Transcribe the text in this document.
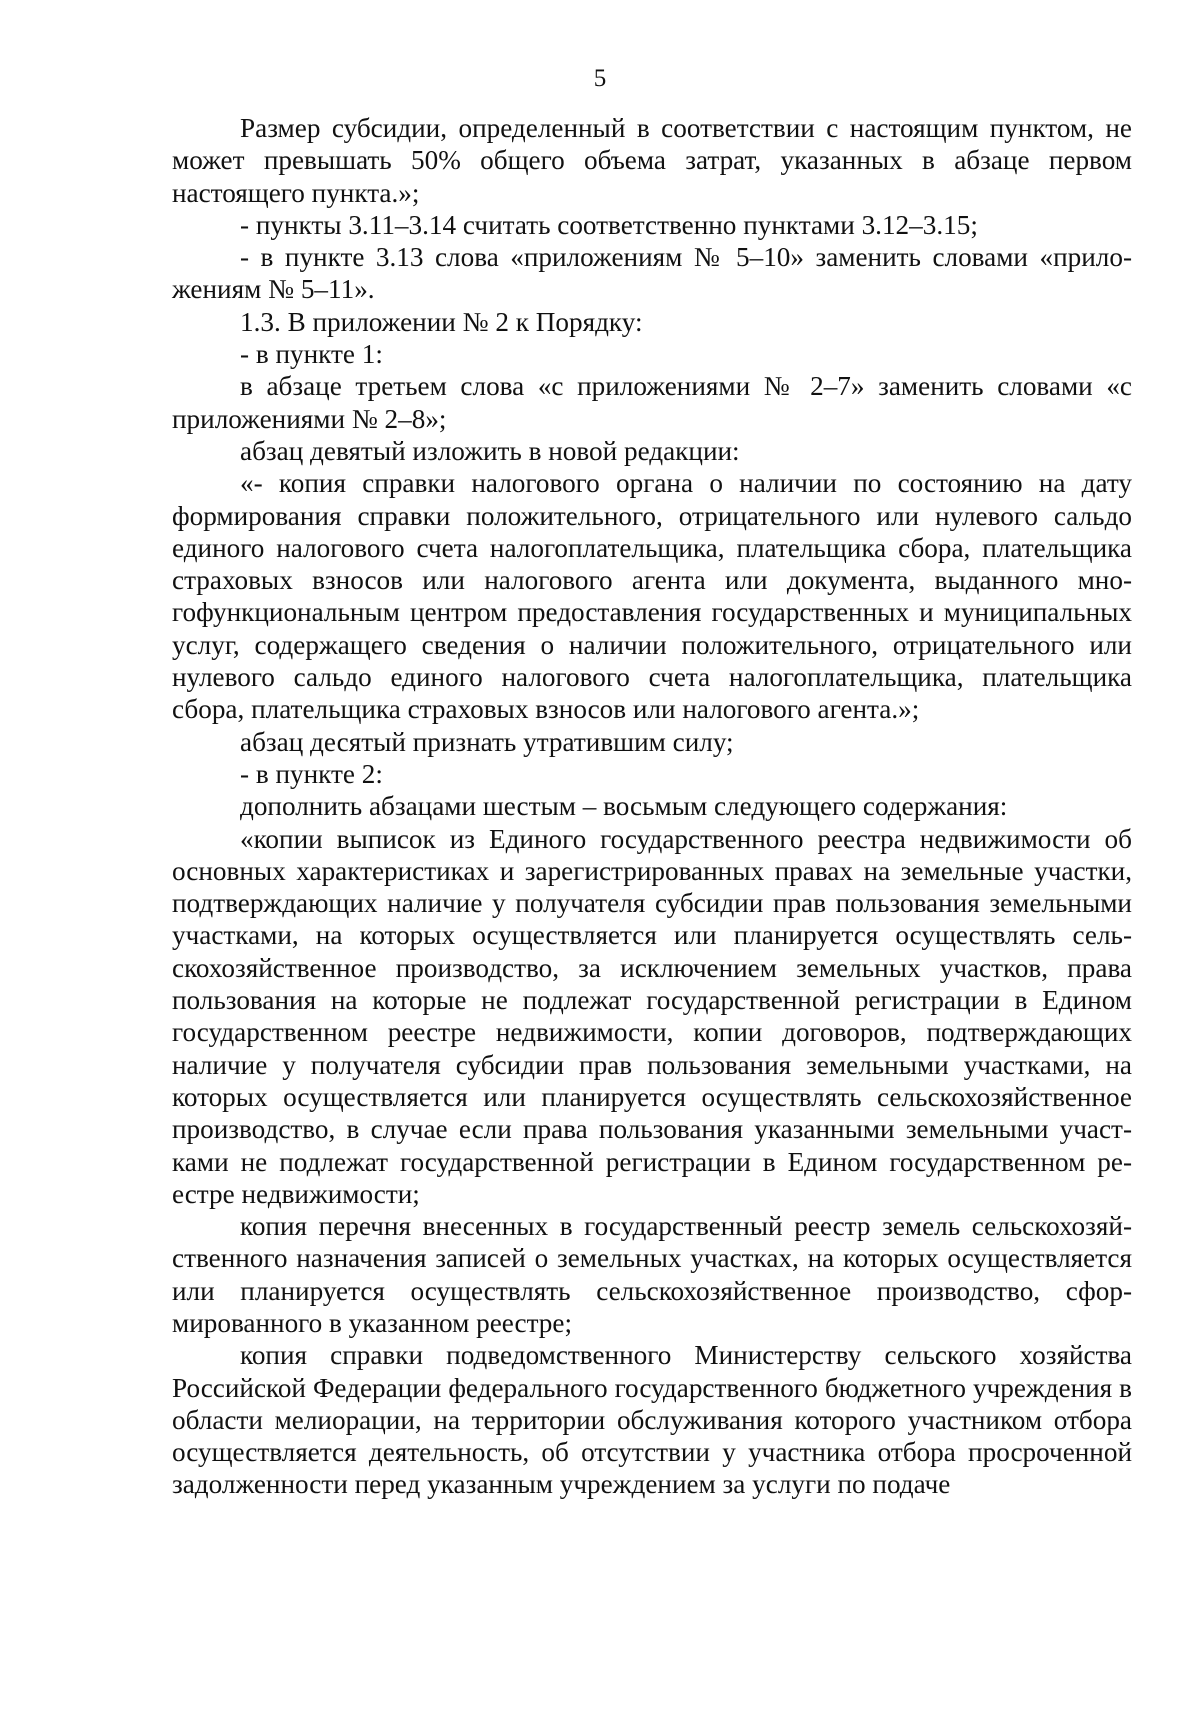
5

Размер субсидии, определенный в соответствии с настоящим пунктом, не может превышать 50% общего объема затрат, указанных в абзаце первом настоящего пункта.»;

- пункты 3.11–3.14 считать соответственно пунктами 3.12–3.15;

- в пункте 3.13 слова «приложениям № 5–10» заменить словами «приложениям № 5–11».

1.3. В приложении № 2 к Порядку:

- в пункте 1:

в абзаце третьем слова «с приложениями № 2–7» заменить словами «с приложениями № 2–8»;

абзац девятый изложить в новой редакции:

«- копия справки налогового органа о наличии по состоянию на дату формирования справки положительного, отрицательного или нулевого сальдо единого налогового счета налогоплательщика, плательщика сбора, плательщика страховых взносов или налогового агента или документа, выданного многофункциональным центром предоставления государственных и муниципальных услуг, содержащего сведения о наличии положительного, отрицательного или нулевого сальдо единого налогового счета налогоплательщика, плательщика сбора, плательщика страховых взносов или налогового агента.»;

абзац десятый признать утратившим силу;

- в пункте 2:

дополнить абзацами шестым – восьмым следующего содержания:

«копии выписок из Единого государственного реестра недвижимости об основных характеристиках и зарегистрированных правах на земельные участки, подтверждающих наличие у получателя субсидии прав пользования земельными участками, на которых осуществляется или планируется осуществлять сельскохозяйственное производство, за исключением земельных участков, права пользования на которые не подлежат государственной регистрации в Едином государственном реестре недвижимости, копии договоров, подтверждающих наличие у получателя субсидии прав пользования земельными участками, на которых осуществляется или планируется осуществлять сельскохозяйственное производство, в случае если права пользования указанными земельными участками не подлежат государственной регистрации в Едином государственном реестре недвижимости;

копия перечня внесенных в государственный реестр земель сельскохозяйственного назначения записей о земельных участках, на которых осуществляется или планируется осуществлять сельскохозяйственное производство, сформированного в указанном реестре;

копия справки подведомственного Министерству сельского хозяйства Российской Федерации федерального государственного бюджетного учреждения в области мелиорации, на территории обслуживания которого участником отбора осуществляется деятельность, об отсутствии у участника отбора просроченной задолженности перед указанным учреждением за услуги по подаче
